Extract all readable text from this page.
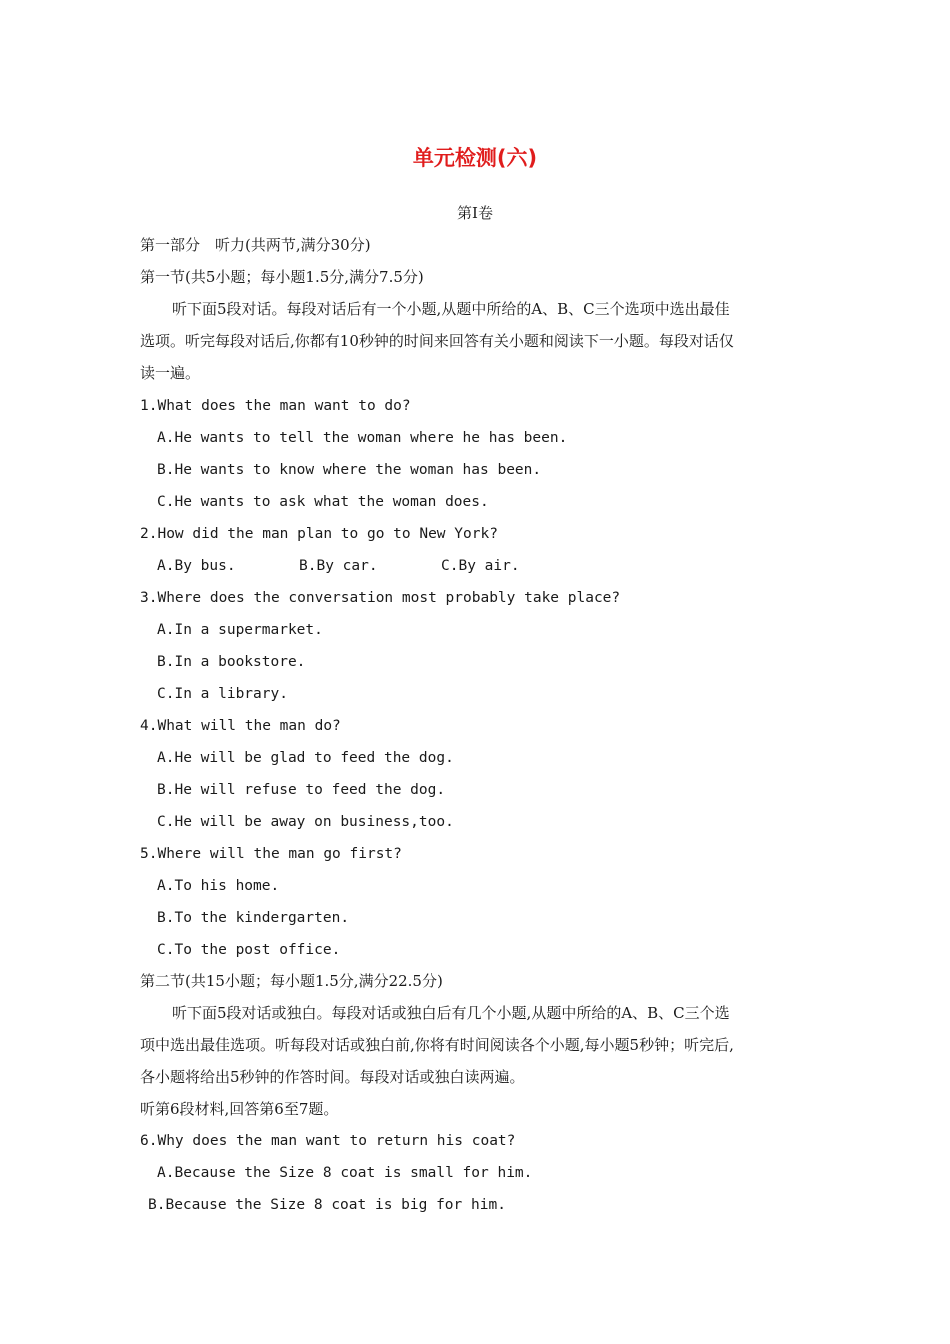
单元检测(六)
第Ⅰ卷
第一部分　听力(共两节,满分30分)
第一节(共5小题；每小题1.5分,满分7.5分)
听下面5段对话。每段对话后有一个小题,从题中所给的A、B、C三个选项中选出最佳
选项。听完每段对话后,你都有10秒钟的时间来回答有关小题和阅读下一小题。每段对话仅
读一遍。
1.What does the man want to do?
A.He wants to tell the woman where he has been.
B.He wants to know where the woman has been.
C.He wants to ask what the woman does.
2.How did the man plan to go to New York?
A.By bus.	B.By car.	C.By air.
3.Where does the conversation most probably take place?
A.In a supermarket.
B.In a bookstore.
C.In a library.
4.What will the man do?
A.He will be glad to feed the dog.
B.He will refuse to feed the dog.
C.He will be away on business,too.
5.Where will the man go first?
A.To his home.
B.To the kindergarten.
C.To the post office.
第二节(共15小题；每小题1.5分,满分22.5分)
听下面5段对话或独白。每段对话或独白后有几个小题,从题中所给的A、B、C三个选
项中选出最佳选项。听每段对话或独白前,你将有时间阅读各个小题,每小题5秒钟；听完后,
各小题将给出5秒钟的作答时间。每段对话或独白读两遍。
听第6段材料,回答第6至7题。
6.Why does the man want to return his coat?
A.Because the Size 8 coat is small for him.
B.Because the Size 8 coat is big for him.
